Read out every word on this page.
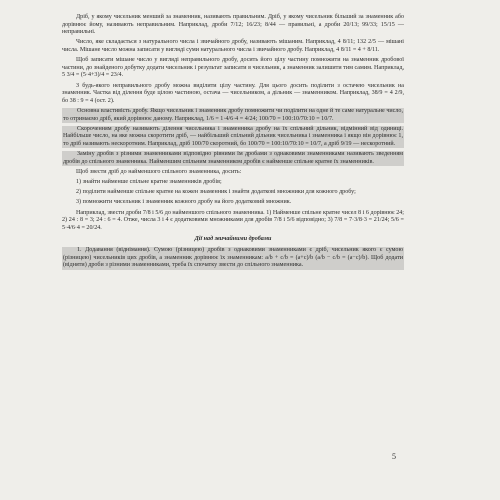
Дріб, у якому чисельник менший за знаменник, називають правильним. Дріб, у якому чисельник більший за знаменник або дорівнює йому, називають неправильним. Наприклад, дроби 7/12; 16/23; 8/44 — правильні, а дроби 20/13; 99/33; 15/15 — неправильні.

Число, яке складається з натурального числа і звичайного дробу, називають мішаним. Наприклад, 4 8/11; 132 2/5 — мішані числа. Мішане число можна записати у вигляді суми натурального числа і звичайного дробу. Наприклад, 4 8/11 = 4 + 8/11.

Щоб записати мішане число у вигляді неправильного дробу, досить його цілу частину помножити на знаменник дробової частини, до знайденого добутку додати чисельник і результат записати в чисельник, а знаменник залишити тим самим. Наприклад, 5 3/4 = (5·4+3)/4 = 23/4.

З будь-якого неправильного дробу можна виділити цілу частину. Для цього досить поділити з остачею чисельник на знаменник. Частка від ділення буде цілою частиною, остача — чисельником, а дільник — знаменником. Наприклад, 38/9 = 4 2/9, бо 38 : 9 = 4 (ост. 2).

Основна властивість дробу. Якщо чисельник і знаменник дробу помножити чи поділити на одне й те саме натуральне число, то отримаємо дріб, який дорівнює даному. Наприклад, 1/6 = 1·4/6·4 = 4/24; 100/70 = 100:10/70:10 = 10/7.

Скороченням дробу називають ділення чисельника і знаменника дробу на їх спільний дільник, відмінний від одиниці. Найбільше число, на яке можна скоротити дріб, — найбільший спільний дільник чисельника і знаменника і якщо він дорівнює 1, то дріб називають нескоротним. Наприклад, дріб 100/70 скоротний, бо 100/70 = 100:10/70:10 = 10/7, а дріб 9/19 — нескоротний.

Заміну дробів з різними знаменниками відповідно рівними їм дробами з однаковими знаменниками називають зведенням дробів до спільного знаменника. Найменшим спільним знаменником дробів є найменше спільне кратне їх знаменників.

Щоб звести дріб до найменшого спільного знаменника, досить:

1) знайти найменше спільне кратне знаменників дробів;

2) поділити найменше спільне кратне на кожен знаменник і знайти додаткові множники для кожного дробу;

3) помножити чисельник і знаменник кожного дробу на його додатковий множник.

Наприклад, звести дроби 7/8 і 5/6 до найменшого спільного знаменника. 1) Найменше спільне кратне чисел 8 і 6 дорівнює 24; 2) 24 : 8 = 3; 24 : 6 = 4. Отже, числа 3 і 4 є додатковими множниками для дробів 7/8 і 5/6 відповідно; 3) 7/8 = 7·3/8·3 = 21/24; 5/6 = 5·4/6·4 = 20/24.

Дії над звичайними дробами

1. Додавання (віднімання). Сумою (різницею) дробів з однаковими знаменниками є дріб, чисельник якого є сумою (різницею) чисельників цих дробів, а знаменник дорівнює їх знаменникам: a/b + c/b = (a+c)/b (a/b − c/b = (a−c)/b). Щоб додати (відняти) дроби з різними знаменниками, треба їх спочатку звести до спільного знаменника.

5
